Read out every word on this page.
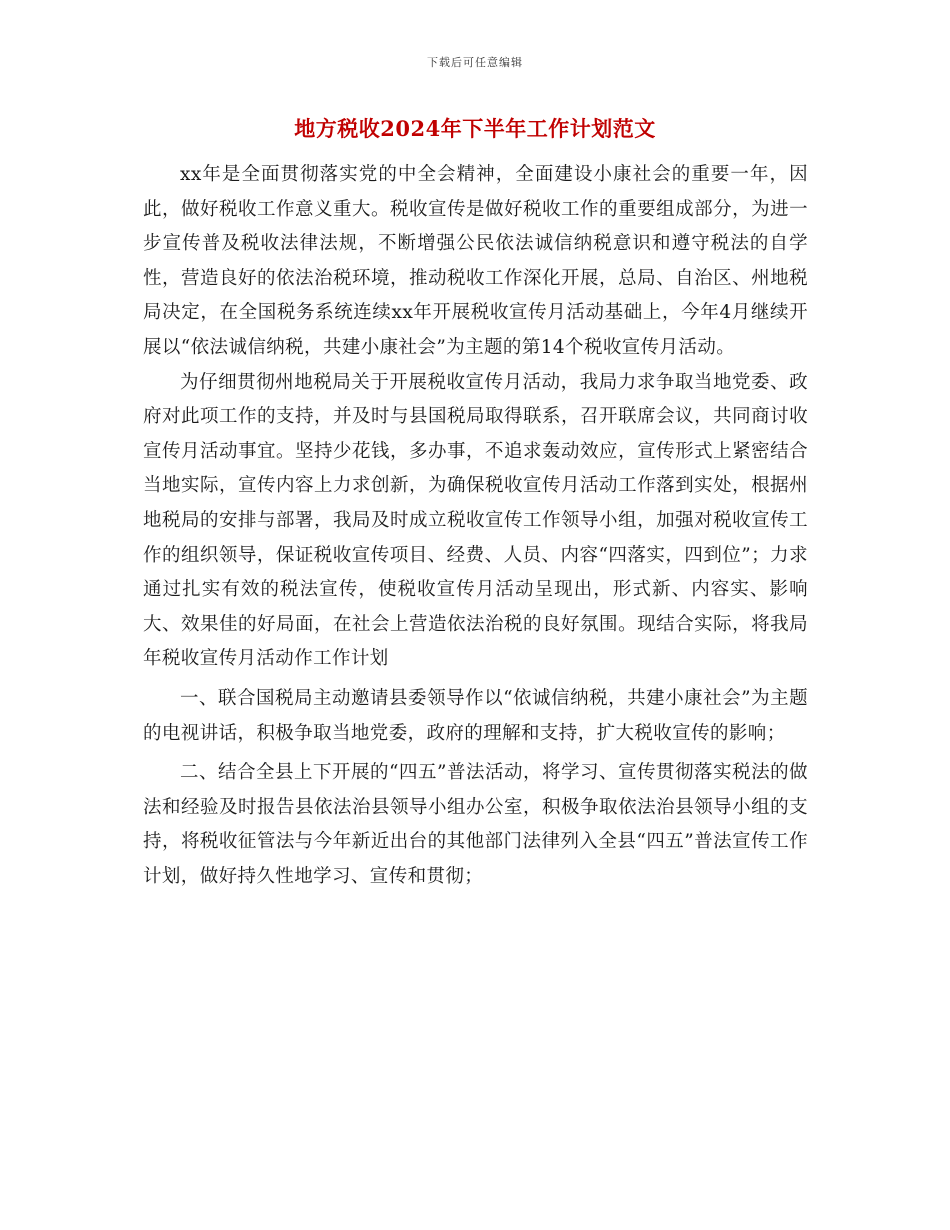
下载后可任意编辑
地方税收2024年下半年工作计划范文

xx年是全面贯彻落实党的中全会精神，全面建设小康社会的重要一年，因此，做好税收工作意义重大。税收宣传是做好税收工作的重要组成部分，为进一步宣传普及税收法律法规，不断增强公民依法诚信纳税意识和遵守税法的自学性，营造良好的依法治税环境，推动税收工作深化开展，总局、自治区、州地税局决定，在全国税务系统连续xx年开展税收宣传月活动基础上，今年4月继续开展以“依法诚信纳税，共建小康社会”为主题的第14个税收宣传月活动。

为仔细贯彻州地税局关于开展税收宣传月活动，我局力求争取当地党委、政府对此项工作的支持，并及时与县国税局取得联系，召开联席会议，共同商讨收宣传月活动事宜。坚持少花钱，多办事，不追求轰动效应，宣传形式上紧密结合当地实际，宣传内容上力求创新，为确保税收宣传月活动工作落到实处，根据州地税局的安排与部署，我局及时成立税收宣传工作领导小组，加强对税收宣传工作的组织领导，保证税收宣传项目、经费、人员、内容“四落实，四到位”；力求通过扎实有效的税法宣传，使税收宣传月活动呈现出，形式新、内容实、影响大、效果佳的好局面，在社会上营造依法治税的良好氛围。现结合实际，将我局年税收宣传月活动作工作计划

一、联合国税局主动邀请县委领导作以“依诚信纳税，共建小康社会”为主题的电视讲话，积极争取当地党委，政府的理解和支持，扩大税收宣传的影响；

二、结合全县上下开展的“四五”普法活动，将学习、宣传贯彻落实税法的做法和经验及时报告县依法治县领导小组办公室，积极争取依法治县领导小组的支持，将税收征管法与今年新近出台的其他部门法律列入全县“四五”普法宣传工作计划，做好持久性地学习、宣传和贯彻；
